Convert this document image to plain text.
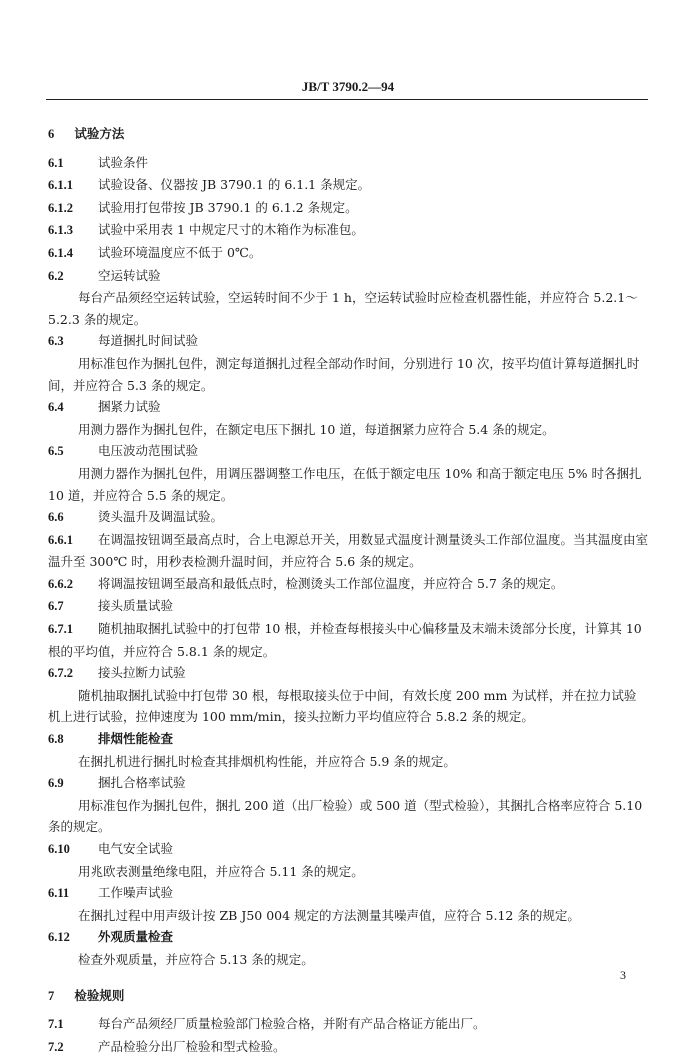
JB/T 3790.2—94
6 试验方法
6.1	试验条件
6.1.1 试验设备、仪器按 JB 3790.1 的 6.1.1 条规定。
6.1.2 试验用打包带按 JB 3790.1 的 6.1.2 条规定。
6.1.3 试验中采用表 1 中规定尺寸的木箱作为标准包。
6.1.4 试验环境温度应不低于 0℃。
6.2	空运转试验
每台产品须经空运转试验，空运转时间不少于 1 h，空运转试验时应检查机器性能，并应符合 5.2.1～5.2.3 条的规定。
6.3	每道捆扎时间试验
用标准包作为捆扎包件，测定每道捆扎过程全部动作时间，分别进行 10 次，按平均值计算每道捆扎时间，并应符合 5.3 条的规定。
6.4	捆紧力试验
用测力器作为捆扎包件，在额定电压下捆扎 10 道，每道捆紧力应符合 5.4 条的规定。
6.5	电压波动范围试验
用测力器作为捆扎包件，用调压器调整工作电压，在低于额定电压 10% 和高于额定电压 5% 时各捆扎 10 道，并应符合 5.5 条的规定。
6.6	烫头温升及调温试验。
6.6.1 在调温按钮调至最高点时，合上电源总开关，用数显式温度计测量烫头工作部位温度。当其温度由室温升至 300℃ 时，用秒表检测升温时间，并应符合 5.6 条的规定。
6.6.2 将调温按钮调至最高和最低点时，检测烫头工作部位温度，并应符合 5.7 条的规定。
6.7	接头质量试验
6.7.1 随机抽取捆扎试验中的打包带 10 根，并检查每根接头中心偏移量及末端未烫部分长度，计算其 10 根的平均值，并应符合 5.8.1 条的规定。
6.7.2 接头拉断力试验
随机抽取捆扎试验中打包带 30 根，每根取接头位于中间，有效长度 200 mm 为试样，并在拉力试验机上进行试验，拉伸速度为 100 mm/min，接头拉断力平均值应符合 5.8.2 条的规定。
6.8	排烟性能检查
在捆扎机进行捆扎时检查其排烟机构性能，并应符合 5.9 条的规定。
6.9	捆扎合格率试验
用标准包作为捆扎包件，捆扎 200 道（出厂检验）或 500 道（型式检验），其捆扎合格率应符合 5.10 条的规定。
6.10 电气安全试验
用兆欧表测量绝缘电阻，并应符合 5.11 条的规定。
6.11 工作噪声试验
在捆扎过程中用声级计按 ZB J50 004 规定的方法测量其噪声值，应符合 5.12 条的规定。
6.12 外观质量检查
检查外观质量，并应符合 5.13 条的规定。
7 检验规则
7.1	每台产品须经厂质量检验部门检验合格，并附有产品合格证方能出厂。
7.2	产品检验分出厂检验和型式检验。
3
